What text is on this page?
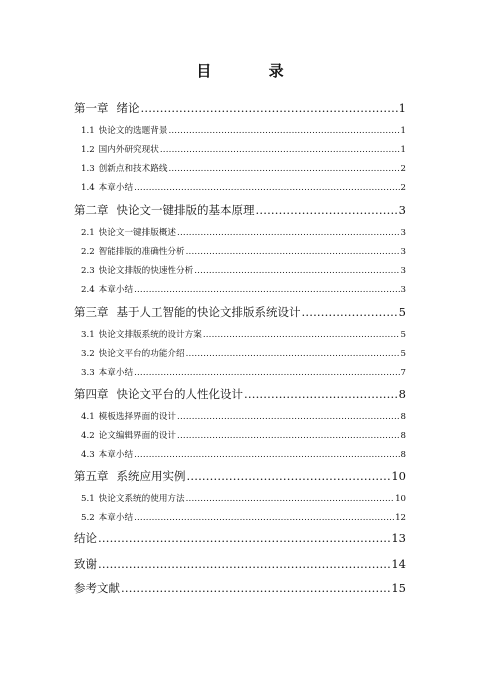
目 录
第一章 绪论 .....	1
1.1 快论文的选题背景 .....	1
1.2 国内外研究现状 .....	1
1.3 创新点和技术路线 .....	2
1.4 本章小结 .....	2
第二章 快论文一键排版的基本原理 .....	3
2.1 快论文一键排版概述 .....	3
2.2 智能排版的准确性分析 .....	3
2.3 快论文排版的快速性分析 .....	3
2.4 本章小结 .....	3
第三章 基于人工智能的快论文排版系统设计 .....	5
3.1 快论文排版系统的设计方案 .....	5
3.2 快论文平台的功能介绍 .....	5
3.3 本章小结 .....	7
第四章 快论文平台的人性化设计 .....	8
4.1 模板选择界面的设计 .....	8
4.2 论文编辑界面的设计 .....	8
4.3 本章小结 .....	8
第五章 系统应用实例 .....	10
5.1 快论文系统的使用方法 .....	10
5.2 本章小结 .....	12
结论 .....	13
致谢 .....	14
参考文献 .....	15
